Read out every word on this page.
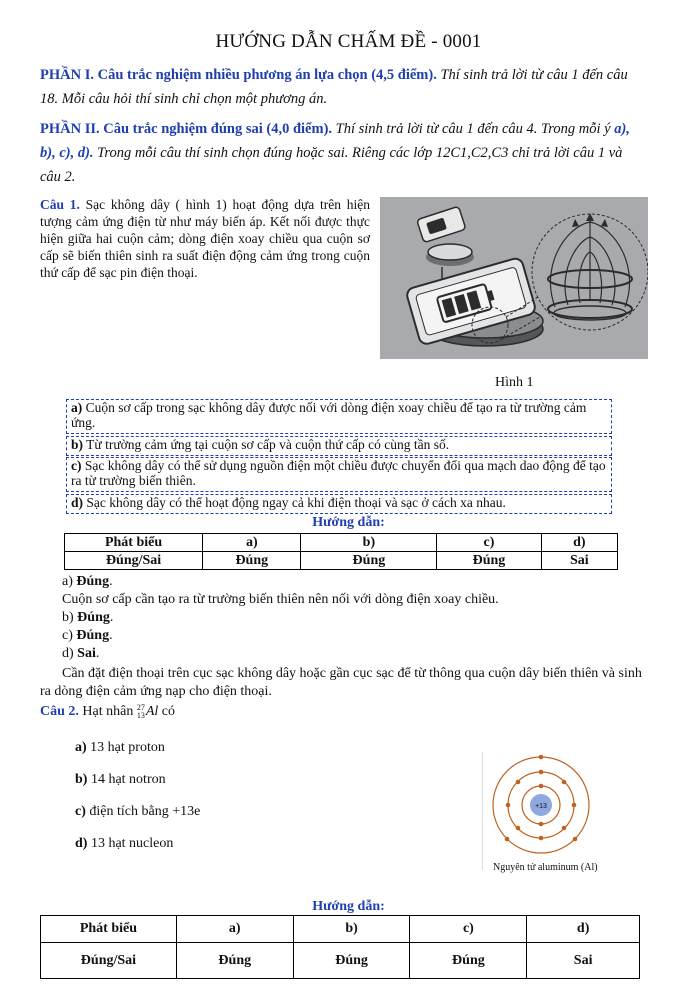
HƯỚNG DẪN CHẤM ĐỀ - 0001
PHẦN I. Câu trắc nghiệm nhiều phương án lựa chọn (4,5 điểm). Thí sinh trả lời từ câu 1 đến câu 18. Mỗi câu hỏi thí sinh chỉ chọn một phương án.
PHẦN II. Câu trắc nghiệm đúng sai (4,0 điểm). Thí sinh trả lời từ câu 1 đến câu 4. Trong mỗi ý a), b), c), d). Trong mỗi câu thí sinh chọn đúng hoặc sai. Riêng các lớp 12C1,C2,C3 chỉ trả lời câu 1 và câu 2.
Câu 1. Sạc không dây ( hình 1) hoạt động dựa trên hiện tượng cảm ứng điện từ như máy biến áp. Kết nối được thực hiện giữa hai cuộn cảm; dòng điện xoay chiều qua cuộn sơ cấp sẽ biến thiên sinh ra suất điện động cảm ứng trong cuộn thứ cấp để sạc pin điện thoại.
Hình 1
a) Cuộn sơ cấp trong sạc không dây được nối với dòng điện xoay chiều để tạo ra từ trường cảm ứng.
b) Từ trường cảm ứng tại cuộn sơ cấp và cuộn thứ cấp có cùng tần số.
c) Sạc không dây có thể sử dụng nguồn điện một chiều được chuyển đổi qua mạch dao động để tạo ra từ trường biến thiên.
d) Sạc không dây có thể hoạt động ngay cả khi điện thoại và sạc ở cách xa nhau.
Hướng dẫn:
Phát biểu	a)	b)	c)	d)
Đúng/Sai	Đúng	Đúng	Đúng	Sai
a) Đúng.
Cuộn sơ cấp cần tạo ra từ trường biến thiên nên nối với dòng điện xoay chiều.
b) Đúng.
c) Đúng.
d) Sai.
Cần đặt điện thoại trên cục sạc không dây hoặc gần cục sạc để từ thông qua cuộn dây biến thiên và sinh ra dòng điện cảm ứng nạp cho điện thoại.
Câu 2. Hạt nhân 27
13 Al có
a) 13 hạt proton
b) 14 hạt notron
c) điện tích bằng +13e
d) 13 hạt nucleon
+13
Nguyên tử aluminum (Al)
Hướng dẫn:
Phát biểu	a)	b)	c)	d)
Đúng/Sai	Đúng	Đúng	Đúng	Sai
